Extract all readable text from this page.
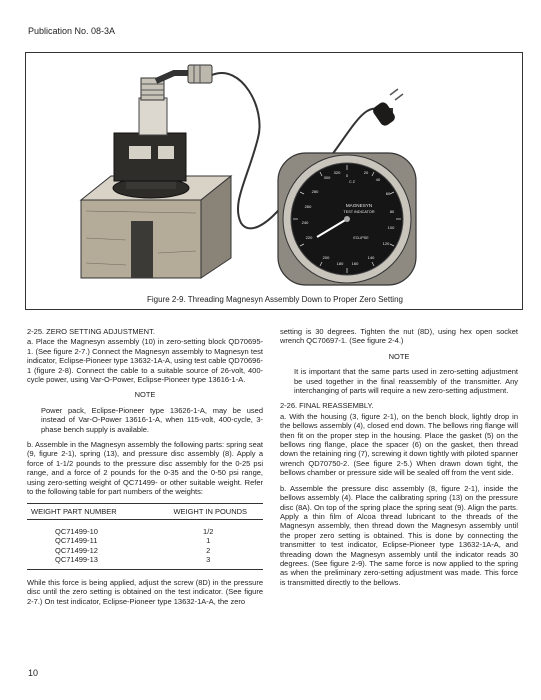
Publication No. 08-3A
0
C Z
300
320
280
260
240
220
200
180 160
20
40
60
80
100
120
140
MAGNESYN
TEST INDICATOR
ECLIPSE
Figure 2-9. Threading Magnesyn Assembly Down to Proper Zero Setting

2-25. ZERO SETTING ADJUSTMENT.

a. Place the Magnesyn assembly (10) in zero-setting block QD70695-1. (See figure 2-7.) Connect the Magnesyn assembly to Magnesyn test indicator, Eclipse-Pioneer type 13632-1A-A, using test cable QD70696-1 (figure 2-8). Connect the cable to a suitable source of 26-volt, 400-cycle power, using Var-O-Power, Eclipse-Pioneer type 13616-1-A.

NOTE

Power pack, Eclipse-Pioneer type 13626-1-A, may be used instead of Var-O-Power 13616-1-A, when 115-volt, 400-cycle, 3-phase bench supply is available.

b. Assemble in the Magnesyn assembly the following parts: spring seat (9, figure 2-1), spring (13), and pressure disc assembly (8). Apply a force of 1-1/2 pounds to the pressure disc assembly for the 0-25 psi range, and a force of 2 pounds for the 0-35 and the 0-50 psi range, using zero-setting weight of QC71499- or other suitable weight. Refer to the following table for part numbers of the weights:

WEIGHT PART NUMBER	WEIGHT IN POUNDS
QC71499-10	1/2
QC71499-11	1
QC71499-12	2
QC71499-13	3

While this force is being applied, adjust the screw (8D) in the pressure disc until the zero setting is obtained on the test indicator. (See figure 2-7.) On test indicator, Eclipse-Pioneer type 13632-1A-A, the zero

setting is 30 degrees. Tighten the nut (8D), using hex open socket wrench QC70697-1. (See figure 2-4.)

NOTE

It is important that the same parts used in zero-setting adjustment be used together in the final reassembly of the transmitter. Any interchanging of parts will require a new zero-setting adjustment.

2-26. FINAL REASSEMBLY.

a. With the housing (3, figure 2-1), on the bench block, lightly drop in the bellows assembly (4), closed end down. The bellows ring flange will then fit on the proper step in the housing. Place the gasket (5) on the bellows ring flange, place the spacer (6) on the gasket, then thread down the retaining ring (7), screwing it down tightly with piloted spanner wrench QD70750-2. (See figure 2-5.) When drawn down tight, the bellows chamber or pressure side will be sealed off from the vent side.

b. Assemble the pressure disc assembly (8, figure 2-1), inside the bellows assembly (4). Place the calibrating spring (13) on the pressure disc (8A). On top of the spring place the spring seat (9). Align the parts. Apply a thin film of Alcoa thread lubricant to the threads of the Magnesyn assembly, then thread down the Magnesyn assembly until the proper zero setting is obtained. This is done by connecting the transmitter to test indicator, Eclipse-Pioneer type 13632-1A-A, and threading down the Magnesyn assembly until the indicator reads 30 degrees. (See figure 2-9). The same force is now applied to the spring as when the preliminary zero-setting adjustment was made. This force is transmitted directly to the bellows.

10
